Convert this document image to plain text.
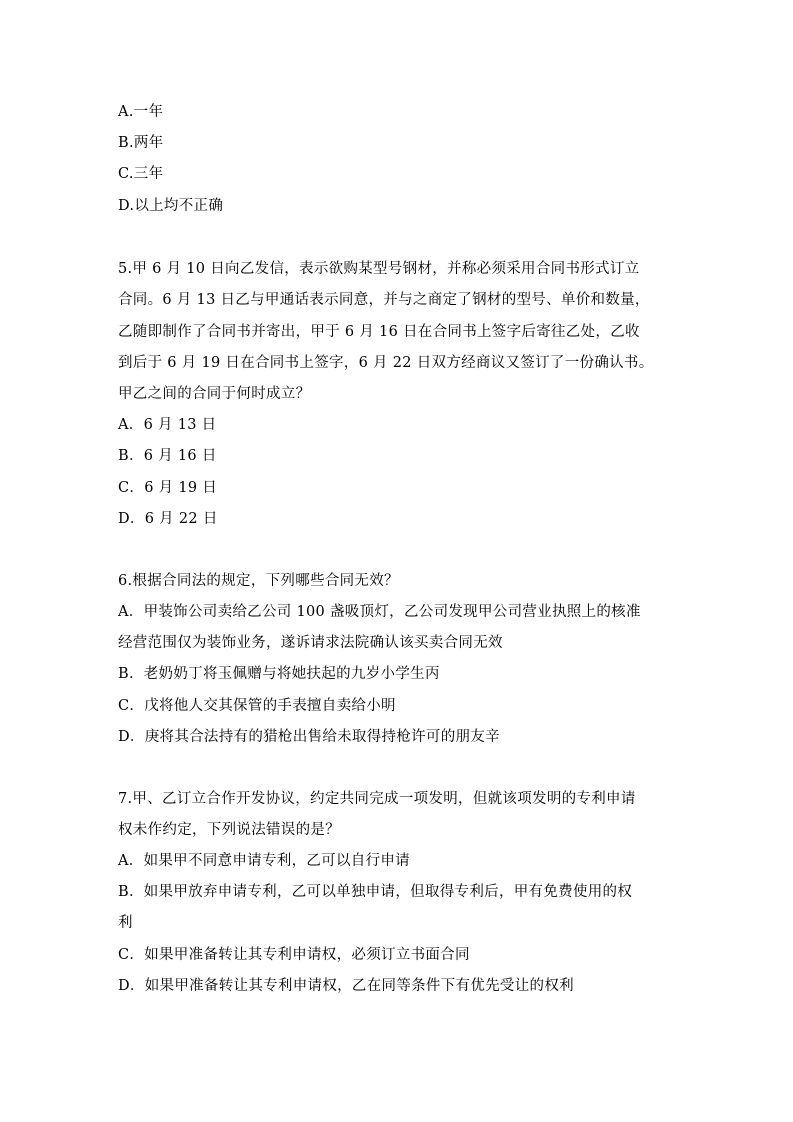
A.一年
B.两年
C.三年
D.以上均不正确
5.甲 6 月 10 日向乙发信，表示欲购某型号钢材，并称必须采用合同书形式订立
合同。6 月 13 日乙与甲通话表示同意，并与之商定了钢材的型号、单价和数量，
乙随即制作了合同书并寄出，甲于 6 月 16 日在合同书上签字后寄往乙处，乙收
到后于 6 月 19 日在合同书上签字，6 月 22 日双方经商议又签订了一份确认书。
甲乙之间的合同于何时成立？
A．6 月 13 日
B．6 月 16 日
C．6 月 19 日
D．6 月 22 日
6.根据合同法的规定，下列哪些合同无效？
A．甲装饰公司卖给乙公司 100 盏吸顶灯，乙公司发现甲公司营业执照上的核准
经营范围仅为装饰业务，遂诉请求法院确认该买卖合同无效
B．老奶奶丁将玉佩赠与将她扶起的九岁小学生丙
C．戊将他人交其保管的手表擅自卖给小明
D．庚将其合法持有的猎枪出售给未取得持枪许可的朋友辛
7.甲、乙订立合作开发协议，约定共同完成一项发明，但就该项发明的专利申请
权未作约定，下列说法错误的是？
A．如果甲不同意申请专利，乙可以自行申请
B．如果甲放弃申请专利，乙可以单独申请，但取得专利后，甲有免费使用的权
利
C．如果甲准备转让其专利申请权，必须订立书面合同
D．如果甲准备转让其专利申请权，乙在同等条件下有优先受让的权利
